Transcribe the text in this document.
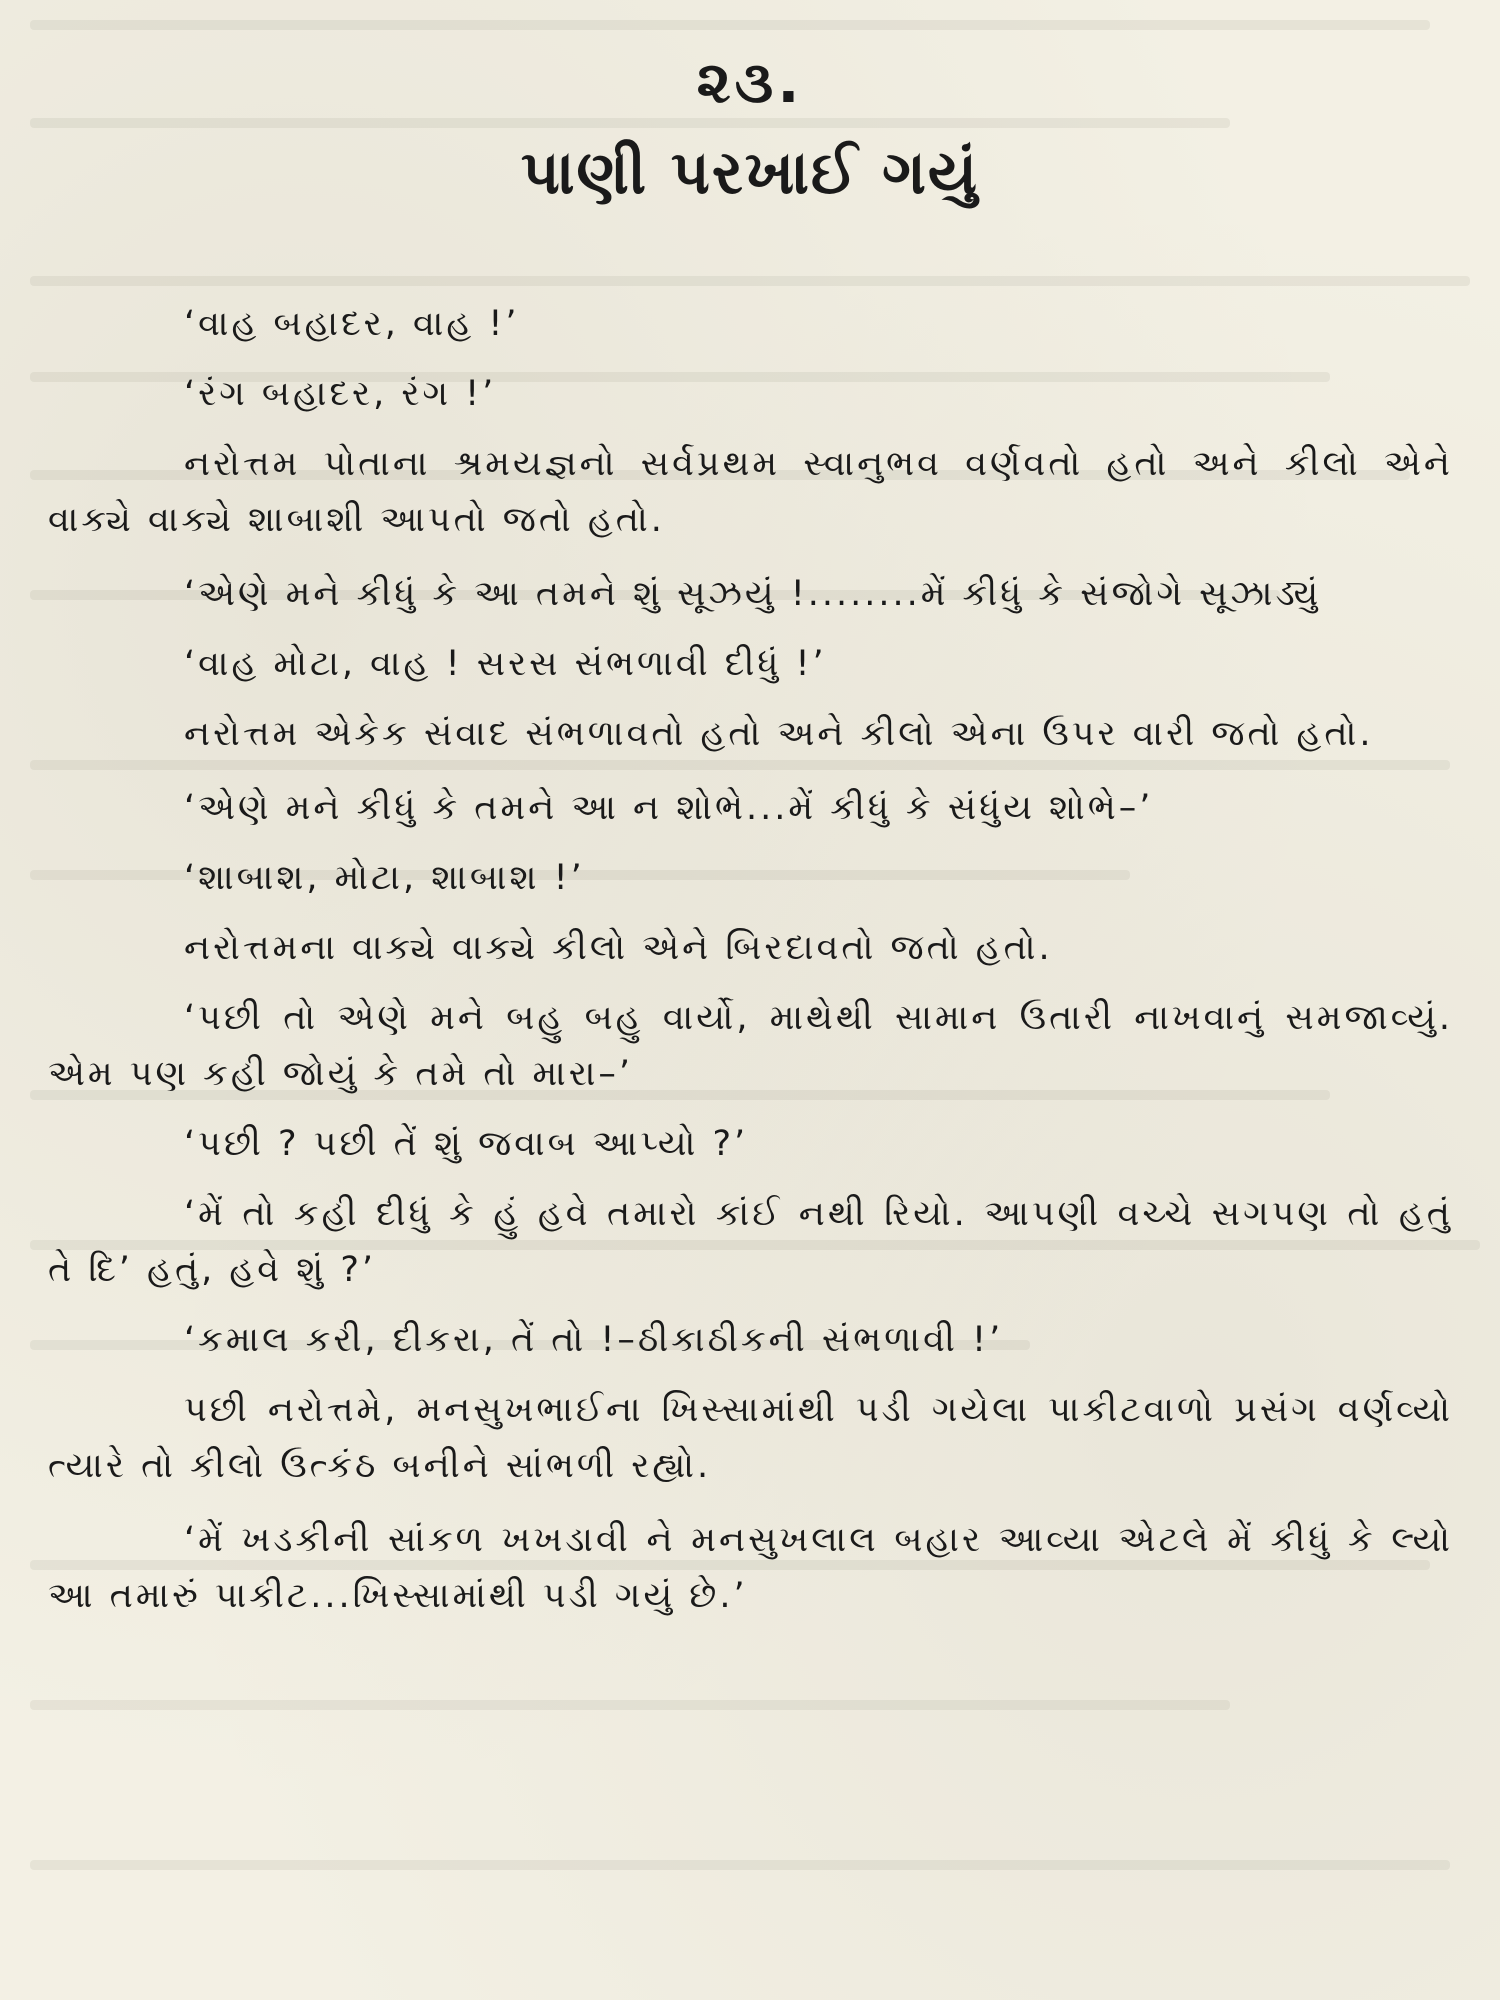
૨૩.
પાણી પરખાઈ ગયું

‘વાહ બહાદર, વાહ !’

‘રંગ બહાદર, રંગ !’

નરોત્તમ પોતાના શ્રમયજ્ઞનો સર્વપ્રથમ સ્વાનુભવ વર્ણવતો હતો અને કીલો એને વાક્યે વાક્યે શાબાશી આપતો જતો હતો.

‘એણે મને કીધું કે આ તમને શું સૂઝયું !........મેં કીધું કે સંજોગે સૂઝાડ્યું

‘વાહ મોટા, વાહ ! સરસ સંભળાવી દીધું !’

નરોત્તમ એકેક સંવાદ સંભળાવતો હતો અને કીલો એના ઉપર વારી જતો હતો.

‘એણે મને કીધું કે તમને આ ન શોભે...મેં કીધું કે સંધુંય શોભે–’

‘શાબાશ, મોટા, શાબાશ !’

નરોત્તમના વાક્યે વાક્યે કીલો એને બિરદાવતો જતો હતો.

‘પછી તો એણે મને બહુ બહુ વાર્યો, માથેથી સામાન ઉતારી નાખવાનું સમજાવ્યું. એમ પણ કહી જોયું કે તમે તો મારા–’

‘પછી ? પછી તેં શું જવાબ આપ્યો ?’

‘મેં તો કહી દીધું કે હું હવે તમારો કાંઈ નથી રિયો. આપણી વચ્ચે સગપણ તો હતું તે દિ’ હતું, હવે શું ?’

‘કમાલ કરી, દીકરા, તેં તો !–ઠીકાઠીકની સંભળાવી !’

પછી નરોત્તમે, મનસુખભાઈના ખિસ્સામાંથી પડી ગયેલા પાકીટવાળો પ્રસંગ વર્ણવ્યો ત્યારે તો કીલો ઉત્કંઠ બનીને સાંભળી રહ્યો.

‘મેં ખડકીની સાંકળ ખખડાવી ને મનસુખલાલ બહાર આવ્યા એટલે મેં કીધું કે લ્યો આ તમારું પાકીટ...ખિસ્સામાંથી પડી ગયું છે.’
